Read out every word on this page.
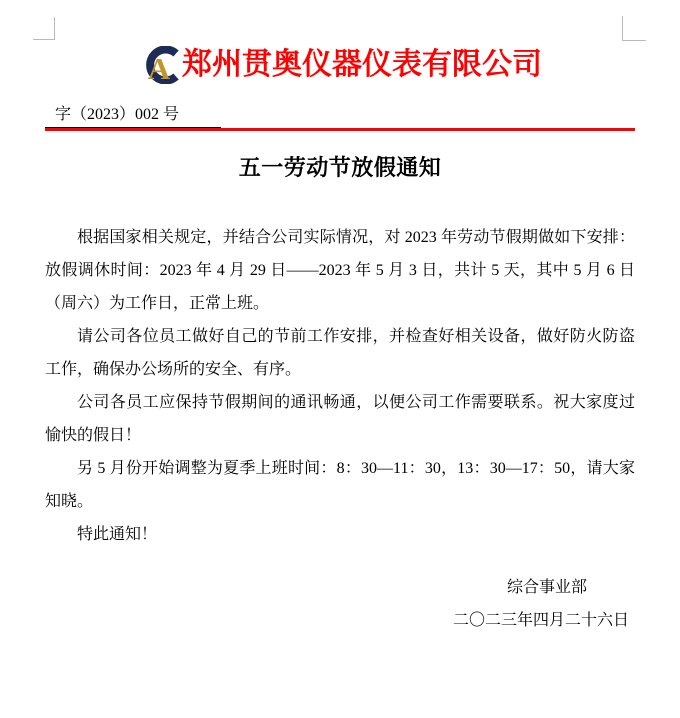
A 郑州贯奥仪器仪表有限公司
字（2023）002 号
五一劳动节放假通知

根据国家相关规定，并结合公司实际情况，对 2023 年劳动节假期做如下安排：放假调休时间：2023 年 4 月 29 日——2023 年 5 月 3 日，共计 5 天，其中 5 月 6 日（周六）为工作日，正常上班。

请公司各位员工做好自己的节前工作安排，并检查好相关设备，做好防火防盗工作，确保办公场所的安全、有序。

公司各员工应保持节假期间的通讯畅通，以便公司工作需要联系。祝大家度过愉快的假日！

另 5 月份开始调整为夏季上班时间：8：30—11：30，13：30—17：50，请大家知晓。

特此通知！

综合事业部
二〇二三年四月二十六日
